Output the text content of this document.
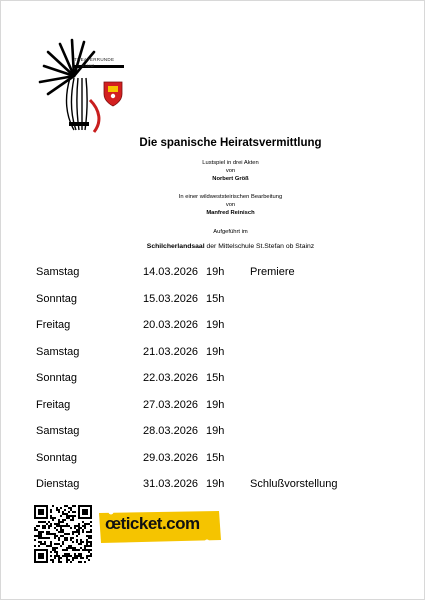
THEATERRUNDE
STAINZ
Die spanische Heiratsvermittlung
Lustspiel in drei Akten
von
Norbert Größ
In einer wildweststeirischen Bearbeitung
von
Manfred Reinisch
Aufgeführt im
Schilcherlandsaal der Mittelschule St.Stefan ob Stainz
Samstag	14.03.2026 19h Premiere
Sonntag	15.03.2026 15h
Freitag	20.03.2026 19h
Samstag	21.03.2026 19h
Sonntag	22.03.2026 15h
Freitag	27.03.2026 19h
Samstag	28.03.2026 19h
Sonntag	29.03.2026 15h
Dienstag	31.03.2026 19h Schlußvorstellung
œticket.com
